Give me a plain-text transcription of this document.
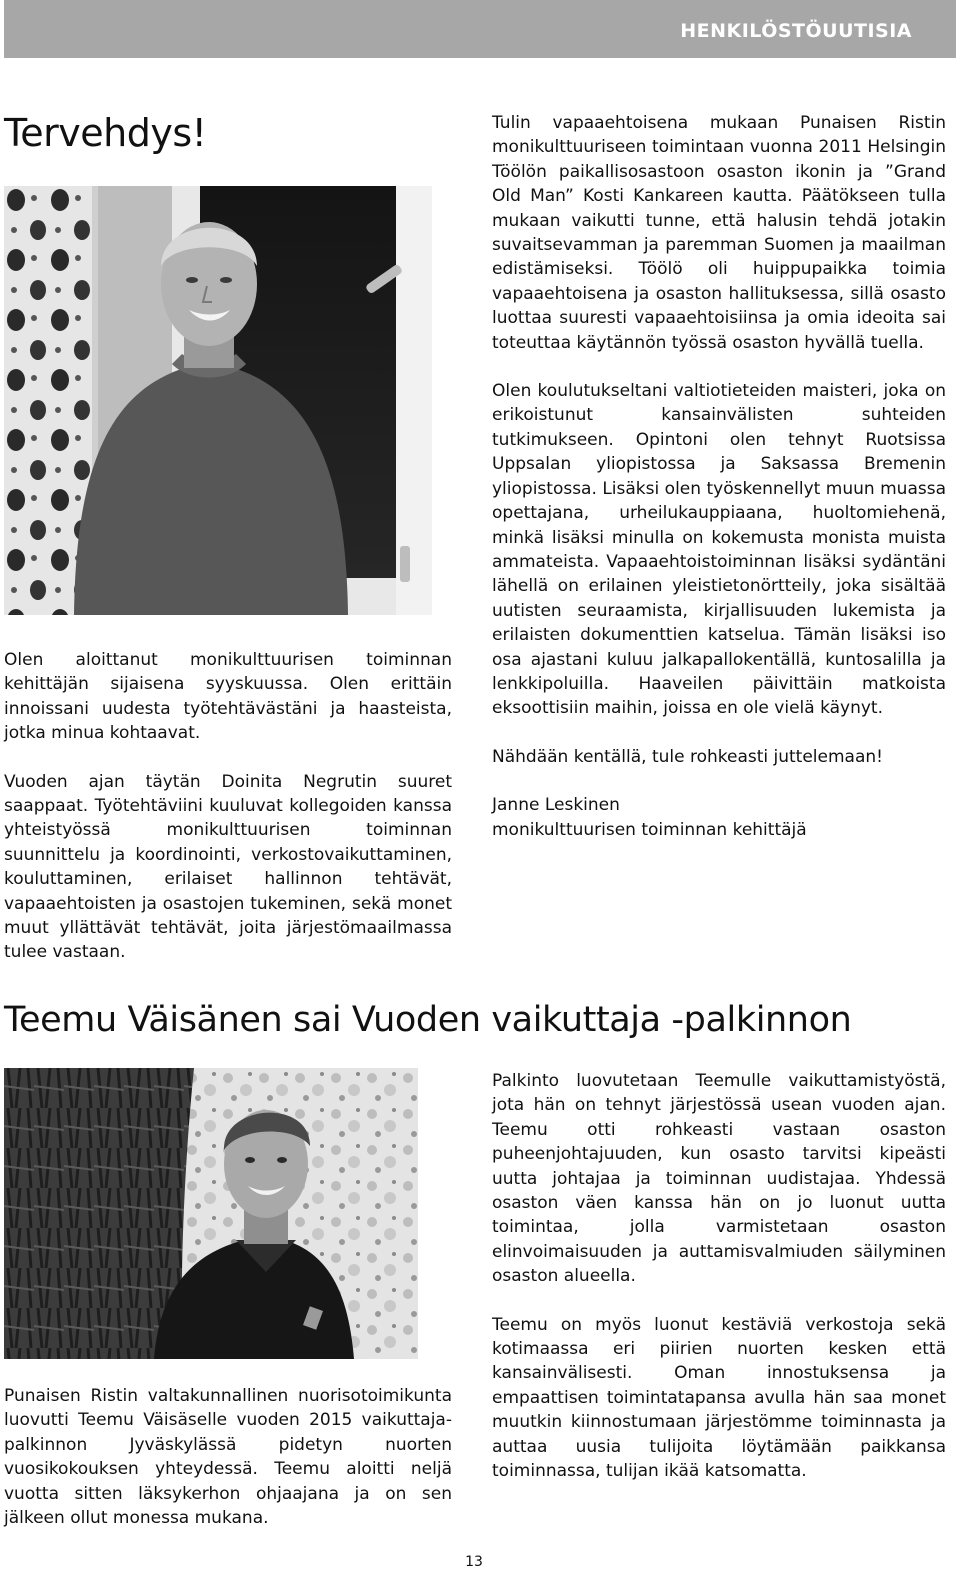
HENKILÖSTÖUUTISIA
Tervehdys!

Olen aloittanut monikulttuurisen toiminnan kehittäjän sijaisena syyskuussa. Olen erittäin innoissani uudesta työtehtävästäni ja haasteista, jotka minua kohtaavat.

Vuoden ajan täytän Doinita Negrutin suuret saappaat. Työtehtäviini kuuluvat kollegoiden kanssa yhteistyössä monikulttuurisen toiminnan suunnittelu ja koordinointi, verkostovaikuttaminen, kouluttaminen, erilaiset hallinnon tehtävät, vapaaehtoisten ja osastojen tukeminen, sekä monet muut yllättävät tehtävät, joita järjestömaailmassa tulee vastaan.

Tulin vapaaehtoisena mukaan Punaisen Ristin monikulttuuriseen toimintaan vuonna 2011 Helsingin Töölön paikallisosastoon osaston ikonin ja ”Grand Old Man” Kosti Kankareen kautta. Päätökseen tulla mukaan vaikutti tunne, että halusin tehdä jotakin suvaitsevamman ja paremman Suomen ja maailman edistämiseksi. Töölö oli huippupaikka toimia vapaaehtoisena ja osaston hallituksessa, sillä osasto luottaa suuresti vapaaehtoisiinsa ja omia ideoita sai toteuttaa käytännön työssä osaston hyvällä tuella.

Olen koulutukseltani valtiotieteiden maisteri, joka on erikoistunut kansainvälisten suhteiden tutkimukseen. Opintoni olen tehnyt Ruotsissa Uppsalan yliopistossa ja Saksassa Bremenin yliopistossa. Lisäksi olen työskennellyt muun muassa opettajana, urheilukauppiaana, huoltomiehenä, minkä lisäksi minulla on kokemusta monista muista ammateista. Vapaaehtoistoiminnan lisäksi sydäntäni lähellä on erilainen yleistietonörtteily, joka sisältää uutisten seuraamista, kirjallisuuden lukemista ja erilaisten dokumenttien katselua. Tämän lisäksi iso osa ajastani kuluu jalkapallokentällä, kuntosalilla ja lenkkipoluilla. Haaveilen päivittäin matkoista eksoottisiin maihin, joissa en ole vielä käynyt.

Nähdään kentällä, tule rohkeasti juttelemaan!

Janne Leskinen
monikulttuurisen toiminnan kehittäjä

Teemu Väisänen sai Vuoden vaikuttaja -palkinnon

Punaisen Ristin valtakunnallinen nuorisotoimikunta luovutti Teemu Väisäselle vuoden 2015 vaikuttaja-palkinnon Jyväskylässä pidetyn nuorten vuosikokouksen yhteydessä. Teemu aloitti neljä vuotta sitten läksykerhon ohjaajana ja on sen jälkeen ollut monessa mukana.

Palkinto luovutetaan Teemulle vaikuttamistyöstä, jota hän on tehnyt järjestössä usean vuoden ajan. Teemu otti rohkeasti vastaan osaston puheenjohtajuuden, kun osasto tarvitsi kipeästi uutta johtajaa ja toiminnan uudistajaa. Yhdessä osaston väen kanssa hän on jo luonut uutta toimintaa, jolla varmistetaan osaston elinvoimaisuuden ja auttamisvalmiuden säilyminen osaston alueella.

Teemu on myös luonut kestäviä verkostoja sekä kotimaassa eri piirien nuorten kesken että kansainvälisesti. Oman innostuksensa ja empaattisen toimintatapansa avulla hän saa monet muutkin kiinnostumaan järjestömme toiminnasta ja auttaa uusia tulijoita löytämään paikkansa toiminnassa, tulijan ikää katsomatta.

13
